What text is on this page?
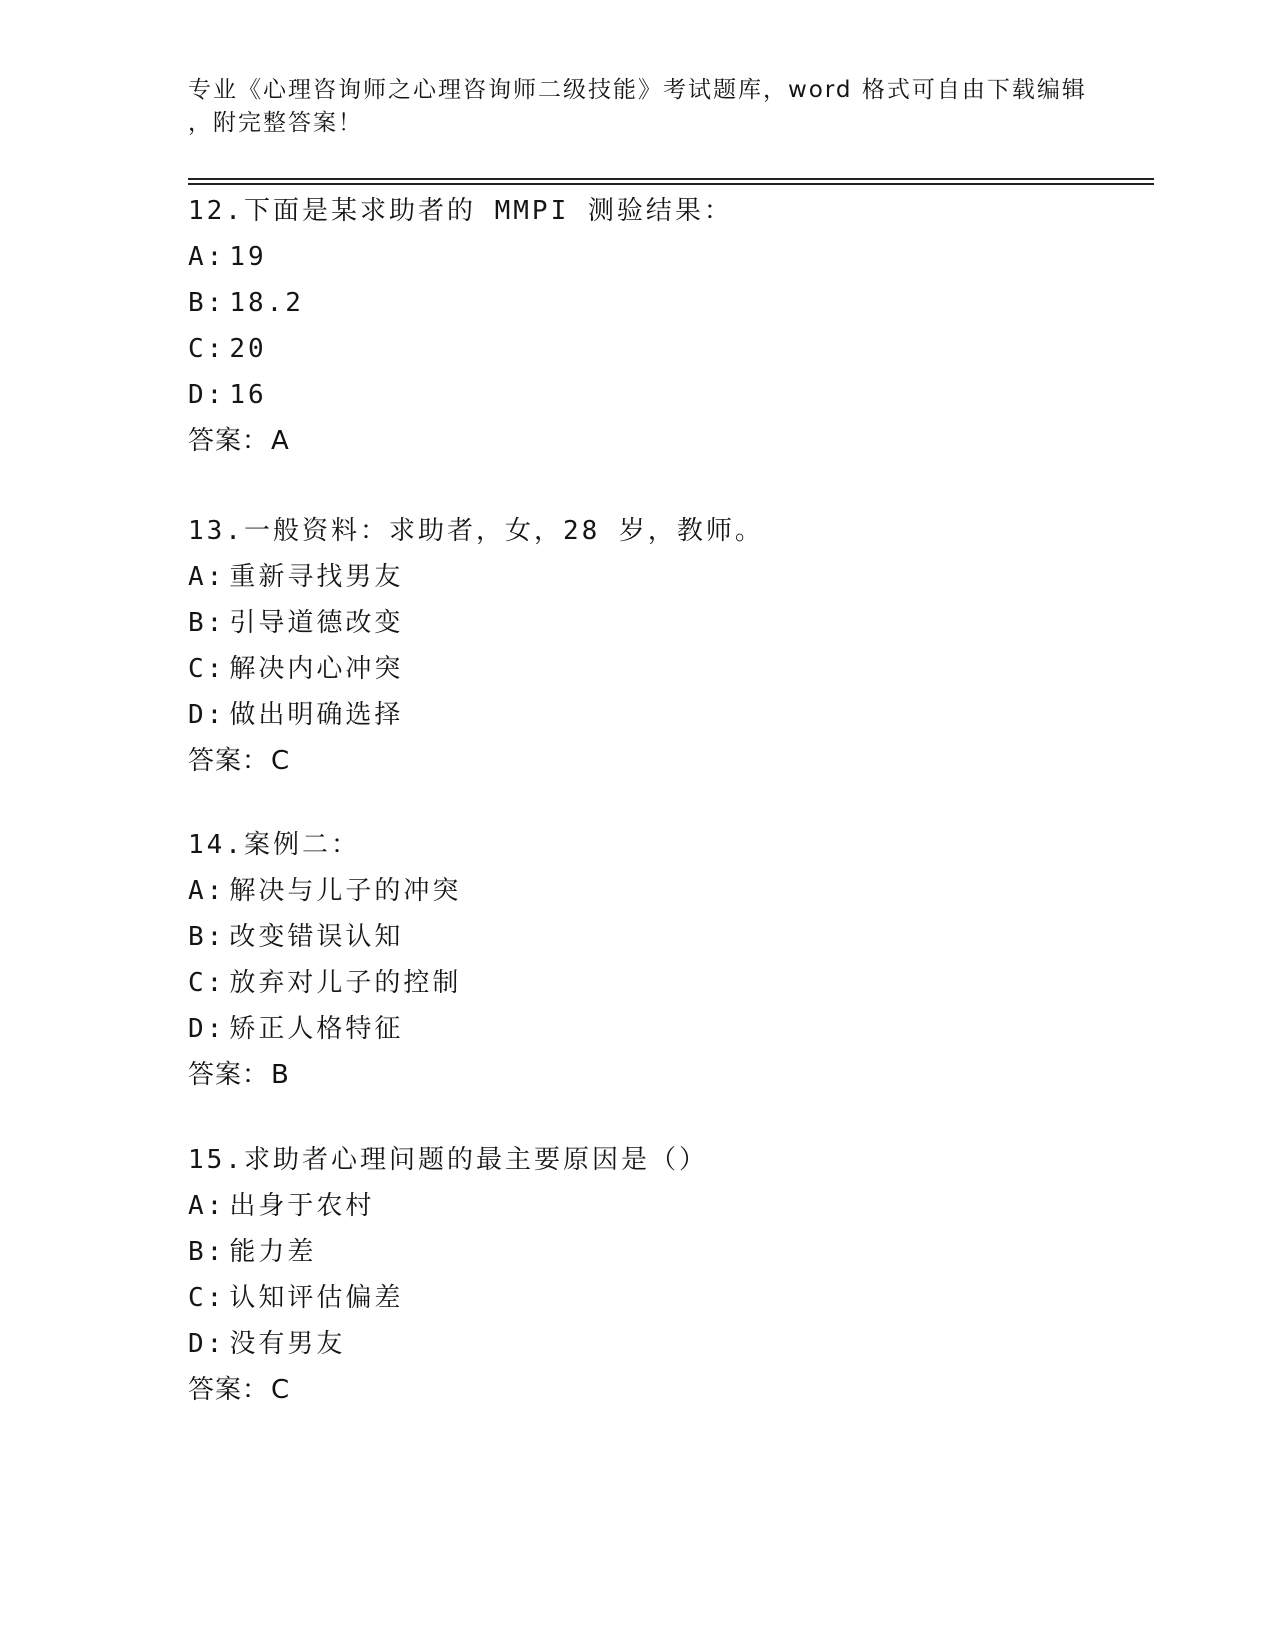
专业《心理咨询师之心理咨询师二级技能》考试题库，word 格式可自由下载编辑
，附完整答案！
12.下面是某求助者的 MMPI 测验结果：
A: 19
B: 18.2
C: 20
D: 16
答案：A
13.一般资料：求助者，女，28 岁，教师。
A: 重新寻找男友
B: 引导道德改变
C: 解决内心冲突
D: 做出明确选择
答案：C
14.案例二：
A: 解决与儿子的冲突
B: 改变错误认知
C: 放弃对儿子的控制
D: 矫正人格特征
答案：B
15.求助者心理问题的最主要原因是（）
A: 出身于农村
B: 能力差
C: 认知评估偏差
D: 没有男友
答案：C
